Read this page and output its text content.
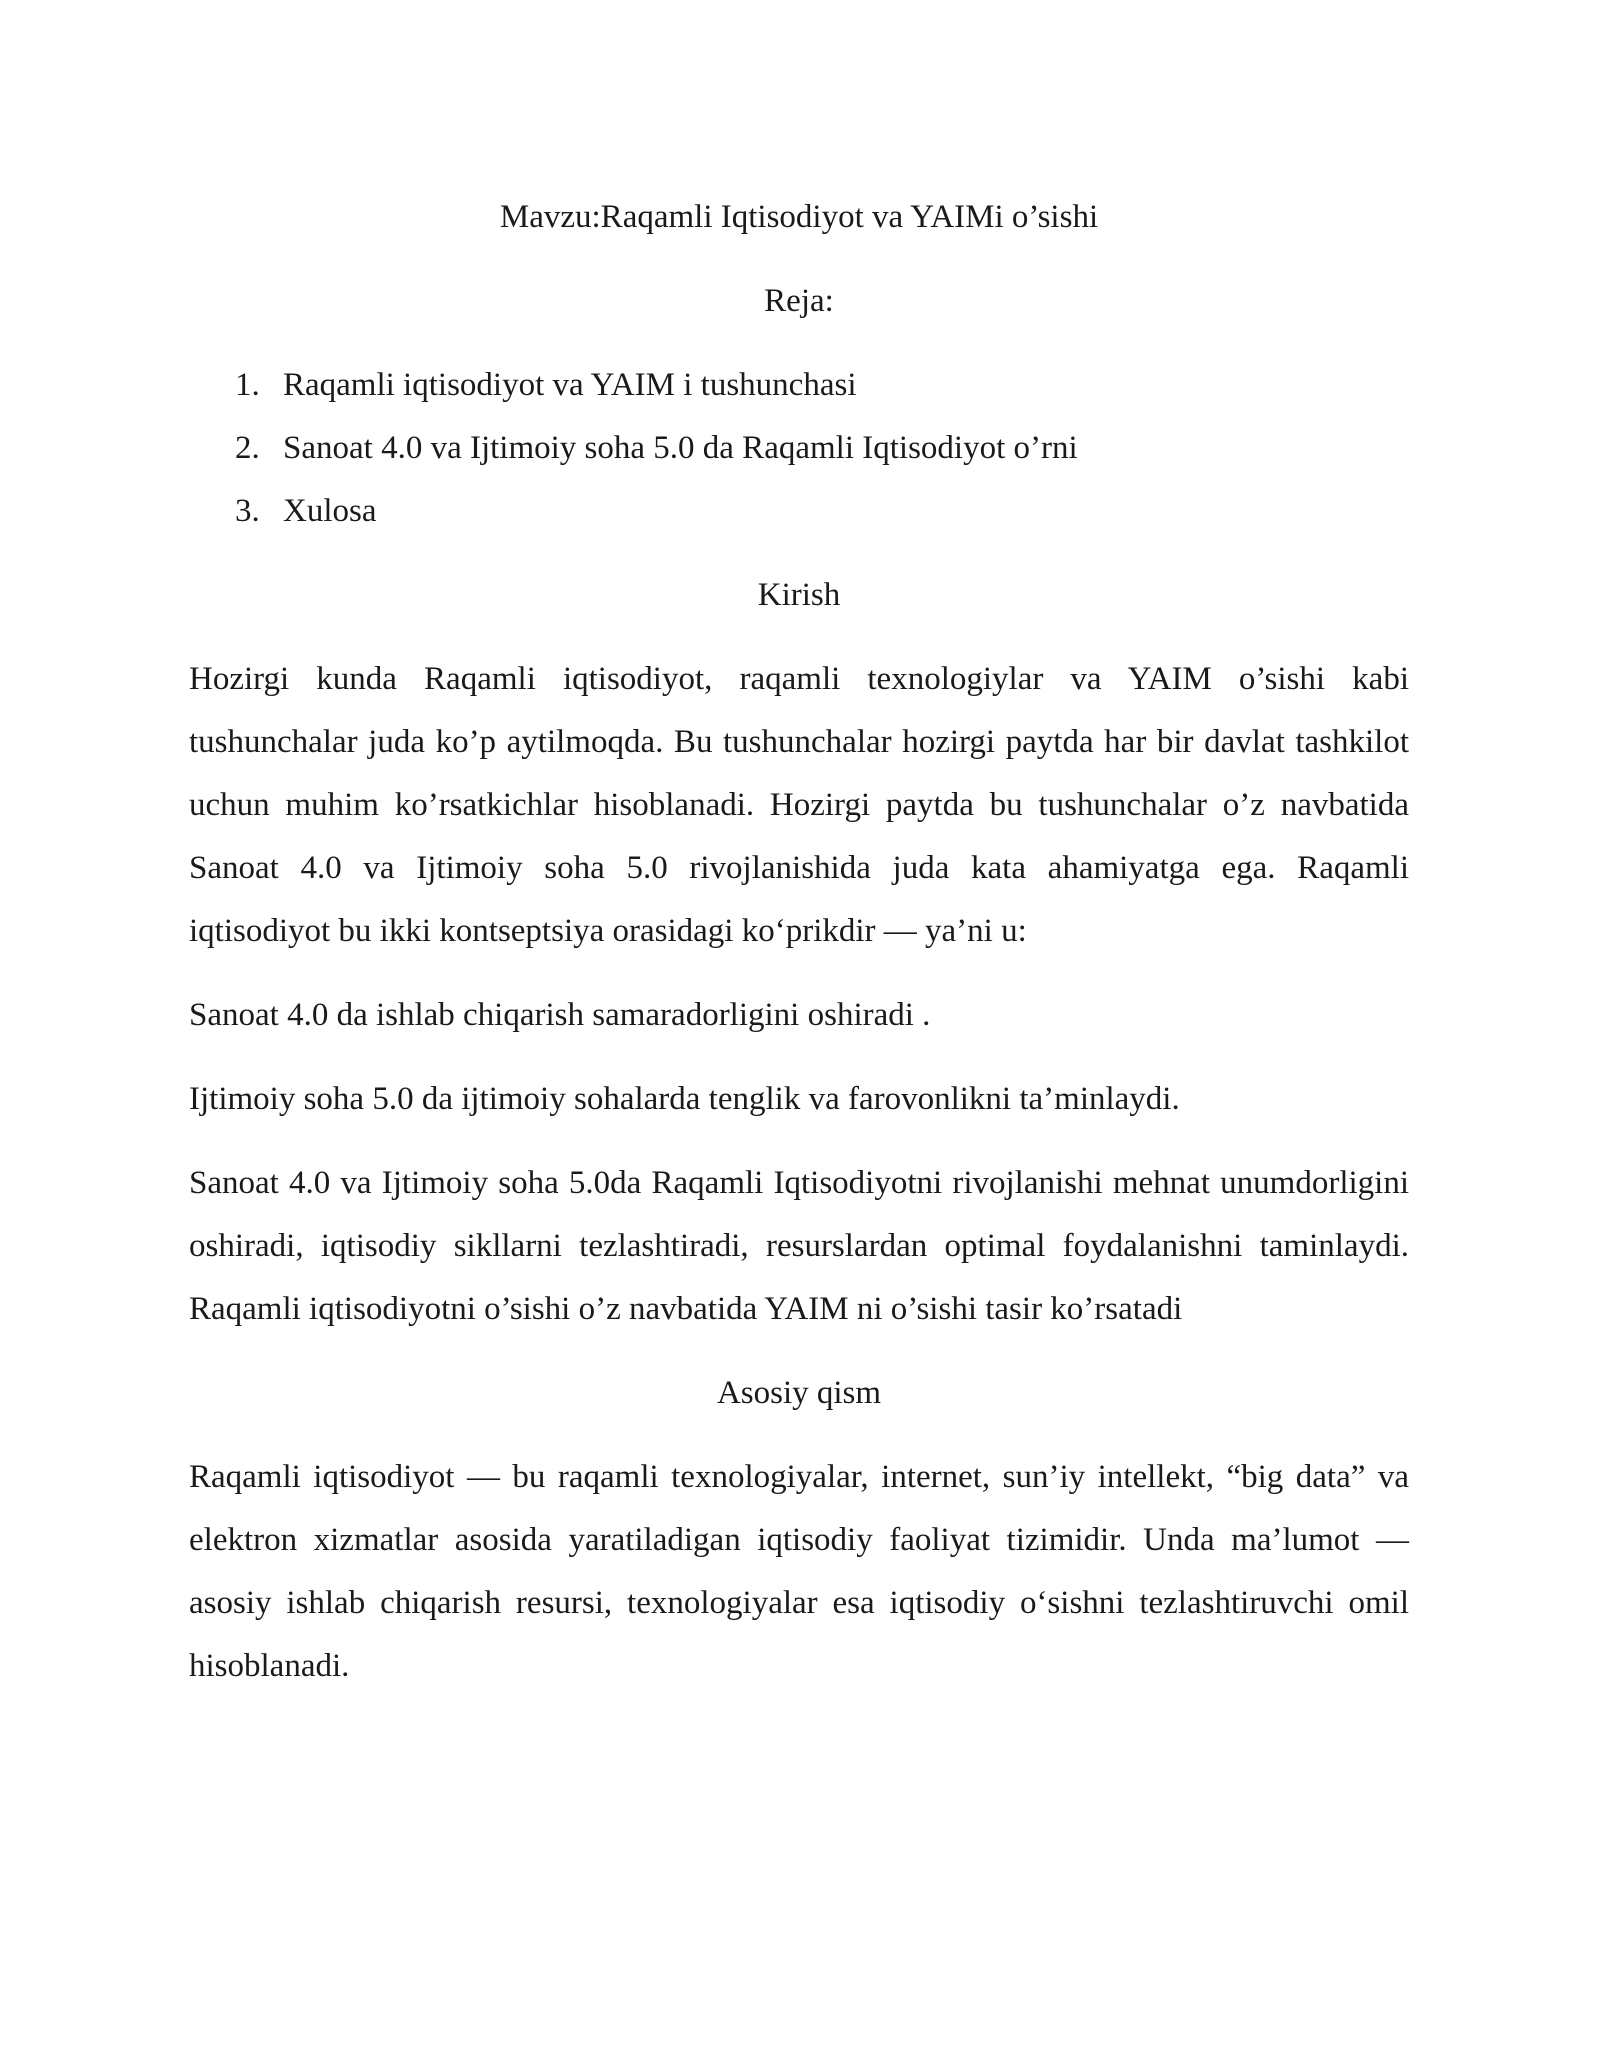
Mavzu:Raqamli Iqtisodiyot va YAIMi o’sishi

Reja:

1. Raqamli iqtisodiyot va YAIM i tushunchasi
2. Sanoat 4.0 va Ijtimoiy soha 5.0 da Raqamli Iqtisodiyot o’rni
3. Xulosa

Kirish

Hozirgi kunda Raqamli iqtisodiyot, raqamli texnologiylar va YAIM o’sishi kabi tushunchalar juda ko’p aytilmoqda. Bu tushunchalar hozirgi paytda har bir davlat tashkilot uchun muhim ko’rsatkichlar hisoblanadi. Hozirgi paytda bu tushunchalar o’z navbatida Sanoat 4.0 va Ijtimoiy soha 5.0 rivojlanishida juda kata ahamiyatga ega. Raqamli iqtisodiyot bu ikki kontseptsiya orasidagi ko‘prikdir — ya’ni u:

Sanoat 4.0 da ishlab chiqarish samaradorligini oshiradi .

Ijtimoiy soha 5.0 da ijtimoiy sohalarda tenglik va farovonlikni ta’minlaydi.

Sanoat 4.0 va Ijtimoiy soha 5.0da Raqamli Iqtisodiyotni rivojlanishi mehnat unumdorligini oshiradi, iqtisodiy sikllarni tezlashtiradi, resurslardan optimal foydalanishni taminlaydi. Raqamli iqtisodiyotni o’sishi o’z navbatida YAIM ni o’sishi tasir ko’rsatadi

Asosiy qism

Raqamli iqtisodiyot — bu raqamli texnologiyalar, internet, sun’iy intellekt, “big data” va elektron xizmatlar asosida yaratiladigan iqtisodiy faoliyat tizimidir. Unda ma’lumot — asosiy ishlab chiqarish resursi, texnologiyalar esa iqtisodiy o‘sishni tezlashtiruvchi omil hisoblanadi.
